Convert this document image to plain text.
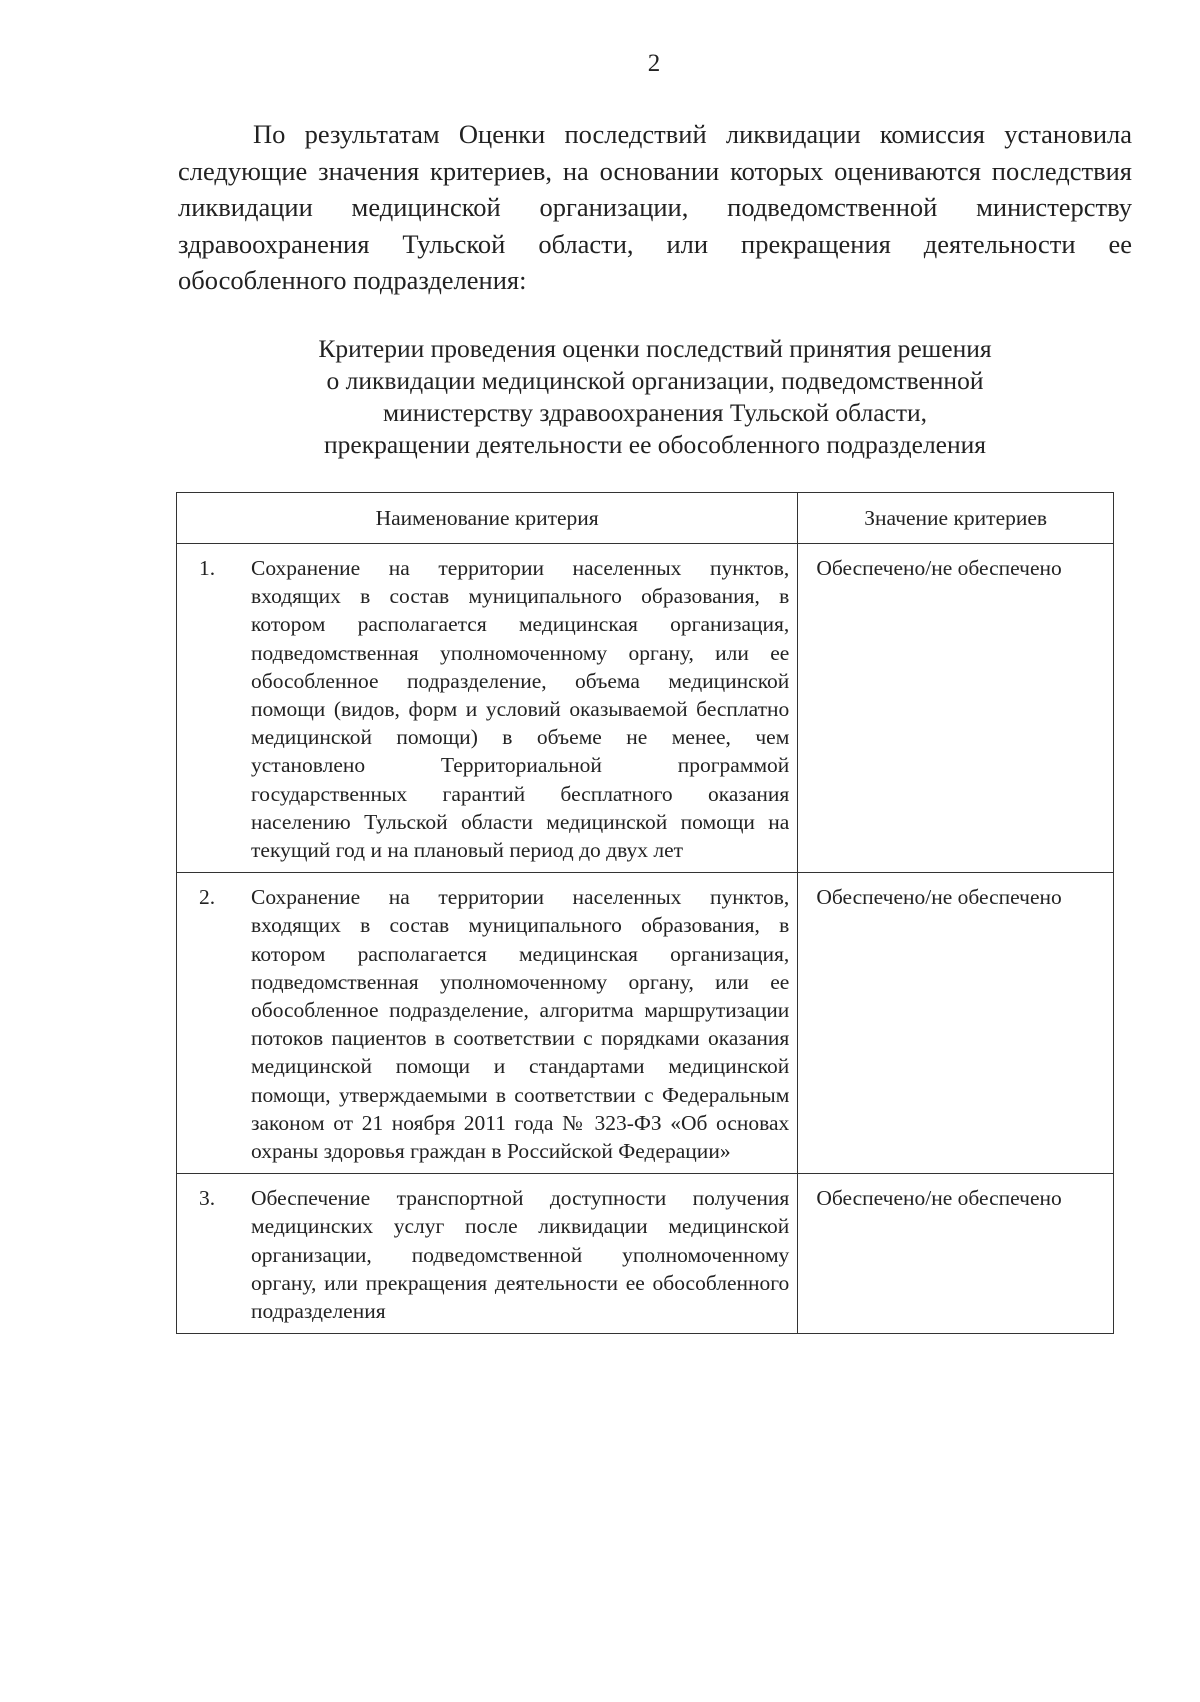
2

По результатам Оценки последствий ликвидации комиссия установила следующие значения критериев, на основании которых оцениваются последствия ликвидации медицинской организации, подведомственной министерству здравоохранения Тульской области, или прекращения деятельности ее обособленного подразделения:

Критерии проведения оценки последствий принятия решения
о ликвидации медицинской организации, подведомственной
министерству здравоохранения Тульской области,
прекращении деятельности ее обособленного подразделения
Наименование критерия	Значение критериев

1. Сохранение на территории населенных пунктов, входящих в состав муниципального образования, в котором располагается медицинская организация, подведомственная уполномоченному органу, или ее обособленное подразделение, объема медицинской помощи (видов, форм и условий оказываемой бесплатно медицинской помощи) в объеме не менее, чем установлено Территориальной программой государственных гарантий бесплатного оказания населению Тульской области медицинской помощи на текущий год и на плановый период до двух лет	Обеспечено/не обеспечено

2. Сохранение на территории населенных пунктов, входящих в состав муниципального образования, в котором располагается медицинская организация, подведомственная уполномоченному органу, или ее обособленное подразделение, алгоритма маршрутизации потоков пациентов в соответствии с порядками оказания медицинской помощи и стандартами медицинской помощи, утверждаемыми в соответствии с Федеральным законом от 21 ноября 2011 года № 323-ФЗ «Об основах охраны здоровья граждан в Российской Федерации»	Обеспечено/не обеспечено

3. Обеспечение транспортной доступности получения медицинских услуг после ликвидации медицинской организации, подведомственной уполномоченному органу, или прекращения деятельности ее обособленного подразделения	Обеспечено/не обеспечено
